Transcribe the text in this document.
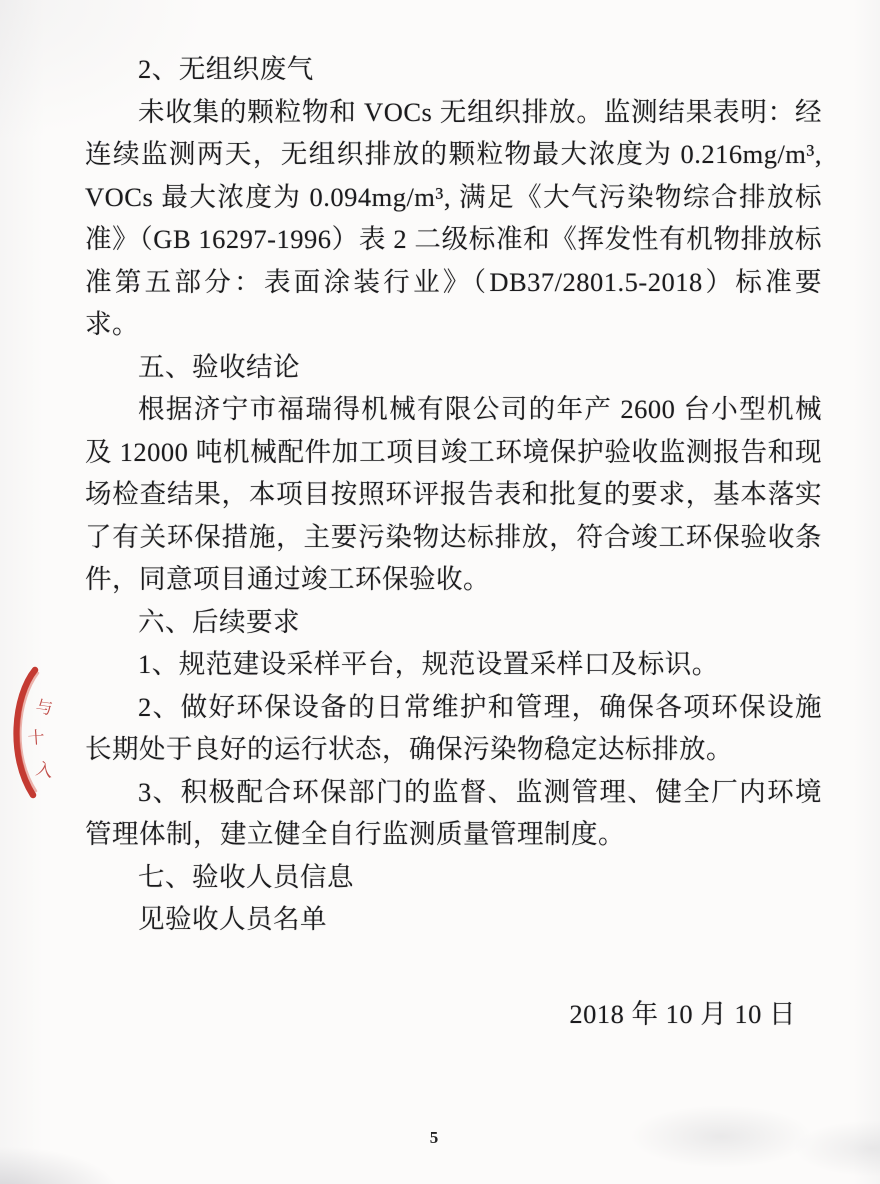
与
十
入

2、无组织废气

未收集的颗粒物和 VOCs 无组织排放。监测结果表明：经连续监测两天，无组织排放的颗粒物最大浓度为 0.216mg/m³, VOCs 最大浓度为 0.094mg/m³, 满足《大气污染物综合排放标准》（GB 16297-1996）表 2 二级标准和《挥发性有机物排放标准第五部分：表面涂装行业》（DB37/2801.5-2018）标准要求。

五、验收结论

根据济宁市福瑞得机械有限公司的年产 2600 台小型机械及 12000 吨机械配件加工项目竣工环境保护验收监测报告和现场检查结果，本项目按照环评报告表和批复的要求，基本落实了有关环保措施，主要污染物达标排放，符合竣工环保验收条件，同意项目通过竣工环保验收。

六、后续要求

1、规范建设采样平台，规范设置采样口及标识。

2、做好环保设备的日常维护和管理，确保各项环保设施长期处于良好的运行状态，确保污染物稳定达标排放。

3、积极配合环保部门的监督、监测管理、健全厂内环境管理体制，建立健全自行监测质量管理制度。

七、验收人员信息

见验收人员名单

2018 年 10 月 10 日

5
